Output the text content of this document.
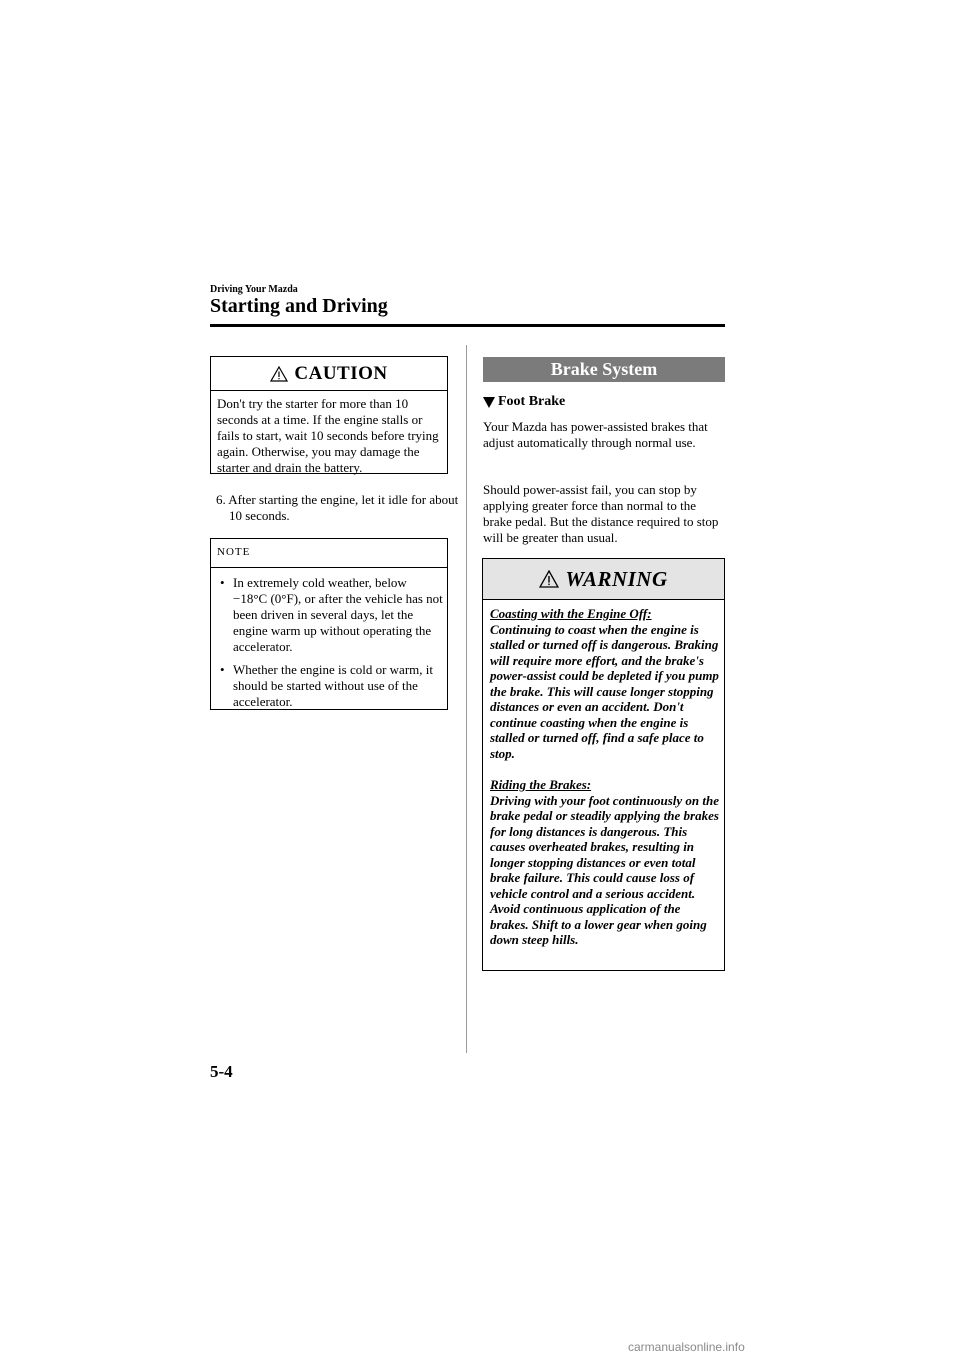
Driving Your Mazda
Starting and Driving
CAUTION
Don't try the starter for more than 10 seconds at a time. If the engine stalls or fails to start, wait 10 seconds before trying again. Otherwise, you may damage the starter and drain the battery.
6. After starting the engine, let it idle for about 10 seconds.
NOTE
• In extremely cold weather, below −18°C (0°F), or after the vehicle has not been driven in several days, let the engine warm up without operating the accelerator.
• Whether the engine is cold or warm, it should be started without use of the accelerator.
Brake System
Foot Brake
Your Mazda has power-assisted brakes that adjust automatically through normal use.
Should power-assist fail, you can stop by applying greater force than normal to the brake pedal. But the distance required to stop will be greater than usual.
WARNING
Coasting with the Engine Off:
Continuing to coast when the engine is stalled or turned off is dangerous. Braking will require more effort, and the brake's power-assist could be depleted if you pump the brake. This will cause longer stopping distances or even an accident. Don't continue coasting when the engine is stalled or turned off, find a safe place to stop.
Riding the Brakes:
Driving with your foot continuously on the brake pedal or steadily applying the brakes for long distances is dangerous. This causes overheated brakes, resulting in longer stopping distances or even total brake failure. This could cause loss of vehicle control and a serious accident. Avoid continuous application of the brakes. Shift to a lower gear when going down steep hills.
5-4
carmanualsonline.info
